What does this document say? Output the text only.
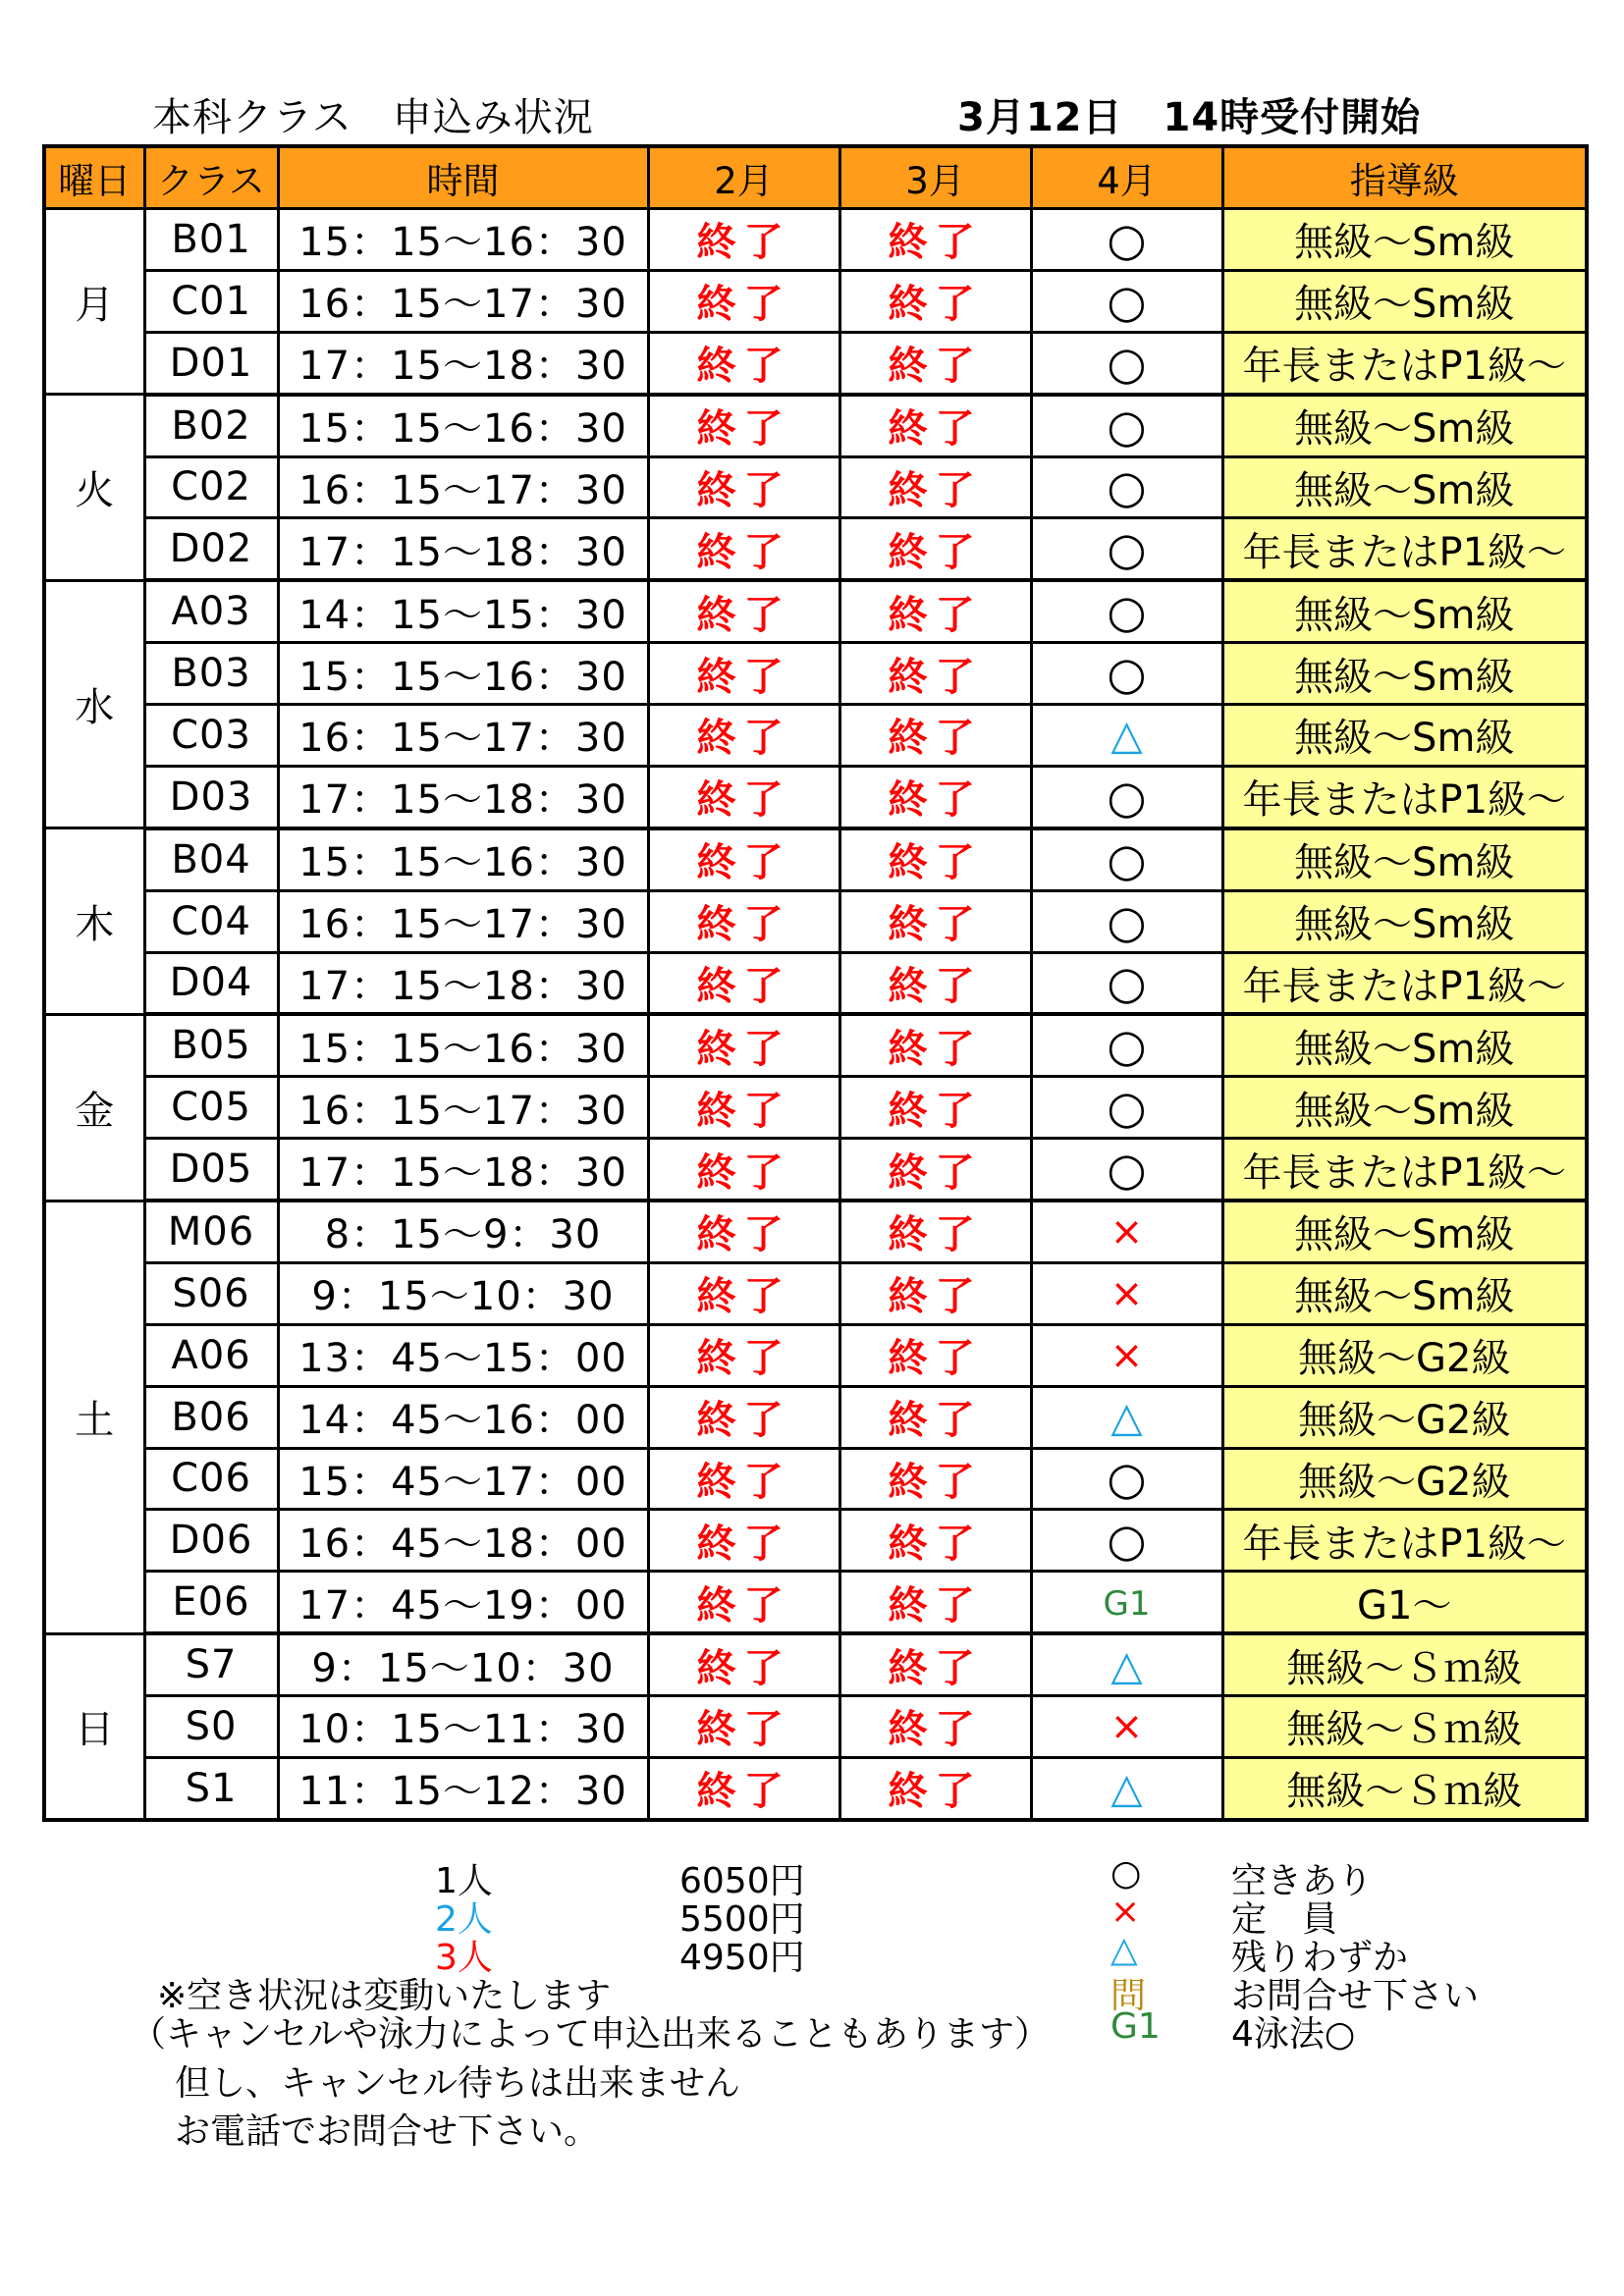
本科クラス　申込み状況	3月12日　14時受付開始
曜日	クラス	時間	2月	3月	4月	指導級
月	B01	15：15～16：30	終了	終了	○	無級～Sm級
	C01	16：15～17：30	終了	終了	○	無級～Sm級
	D01	17：15～18：30	終了	終了	○	年長またはP1級～
火	B02	15：15～16：30	終了	終了	○	無級～Sm級
	C02	16：15～17：30	終了	終了	○	無級～Sm級
	D02	17：15～18：30	終了	終了	○	年長またはP1級～
水	A03	14：15～15：30	終了	終了	○	無級～Sm級
	B03	15：15～16：30	終了	終了	○	無級～Sm級
	C03	16：15～17：30	終了	終了	△	無級～Sm級
	D03	17：15～18：30	終了	終了	○	年長またはP1級～
木	B04	15：15～16：30	終了	終了	○	無級～Sm級
	C04	16：15～17：30	終了	終了	○	無級～Sm級
	D04	17：15～18：30	終了	終了	○	年長またはP1級～
金	B05	15：15～16：30	終了	終了	○	無級～Sm級
	C05	16：15～17：30	終了	終了	○	無級～Sm級
	D05	17：15～18：30	終了	終了	○	年長またはP1級～
土	M06	8：15～9：30	終了	終了	×	無級～Sm級
	S06	9：15～10：30	終了	終了	×	無級～Sm級
	A06	13：45～15：00	終了	終了	×	無級～G2級
	B06	14：45～16：00	終了	終了	△	無級～G2級
	C06	15：45～17：00	終了	終了	○	無級～G2級
	D06	16：45～18：00	終了	終了	○	年長またはP1級～
	E06	17：45～19：00	終了	終了	G1	G1～
日	S7	9：15～10：30	終了	終了	△	無級～Ｓｍ級
	S0	10：15～11：30	終了	終了	×	無級～Ｓｍ級
	S1	11：15～12：30	終了	終了	△	無級～Ｓｍ級
1人	6050円
2人	5500円
3人	4950円
※空き状況は変動いたします
（キャンセルや泳力によって申込出来ることもあります）
但し、キャンセル待ちは出来ません
お電話でお問合せ下さい。
○	空きあり
×	定　員
△	残りわずか
問 お問合せ下さい
G1 4泳法○
